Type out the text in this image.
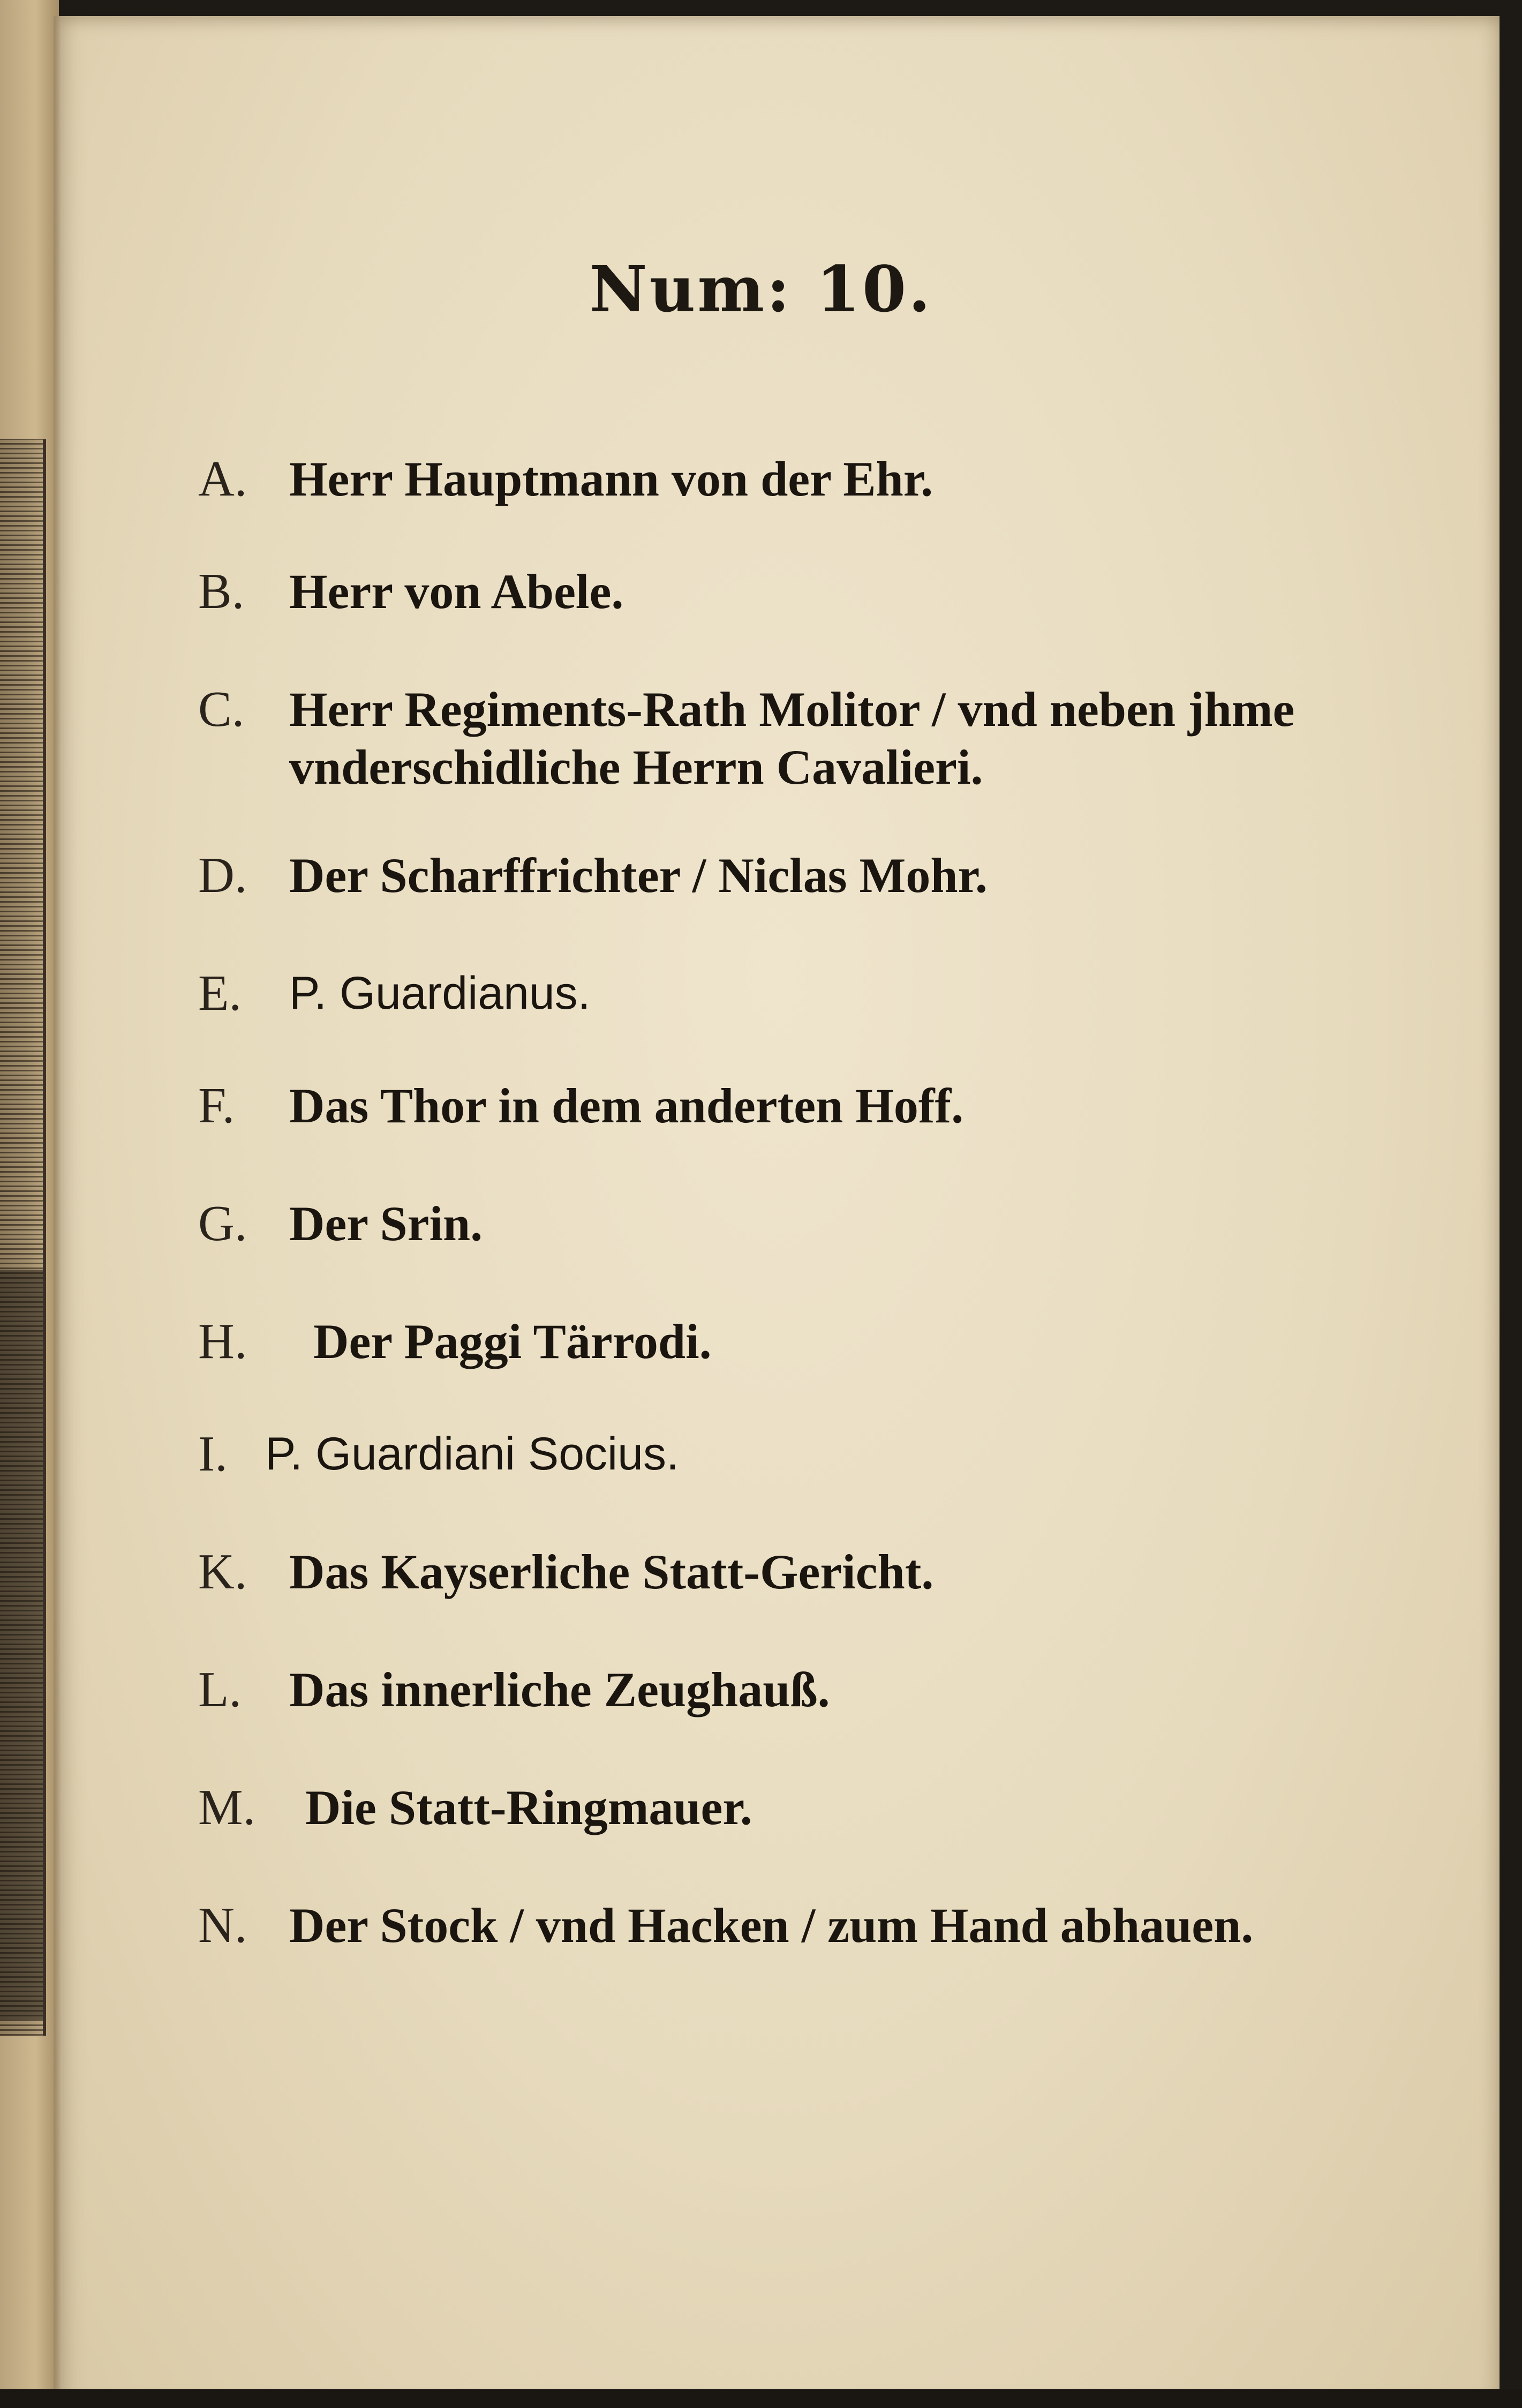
Num: 10.
A. Herr Hauptmann von der Ehr.
B. Herr von Abele.
C. Herr Regiments-Rath Molitor / vnd neben jhme vnderschidliche Herrn Cavalieri.
D. Der Scharffrichter / Niclas Mohr.
E. P. Guardianus.
F. Das Thor in dem anderten Hoff.
G. Der Srin.
H. Der Paggi Tärrodi.
I. P. Guardiani Socius.
K. Das Kayserliche Statt-Gericht.
L. Das innerliche Zeughauß.
M. Die Statt-Ringmauer.
N. Der Stock / vnd Hacken / zum Hand abhauen.
